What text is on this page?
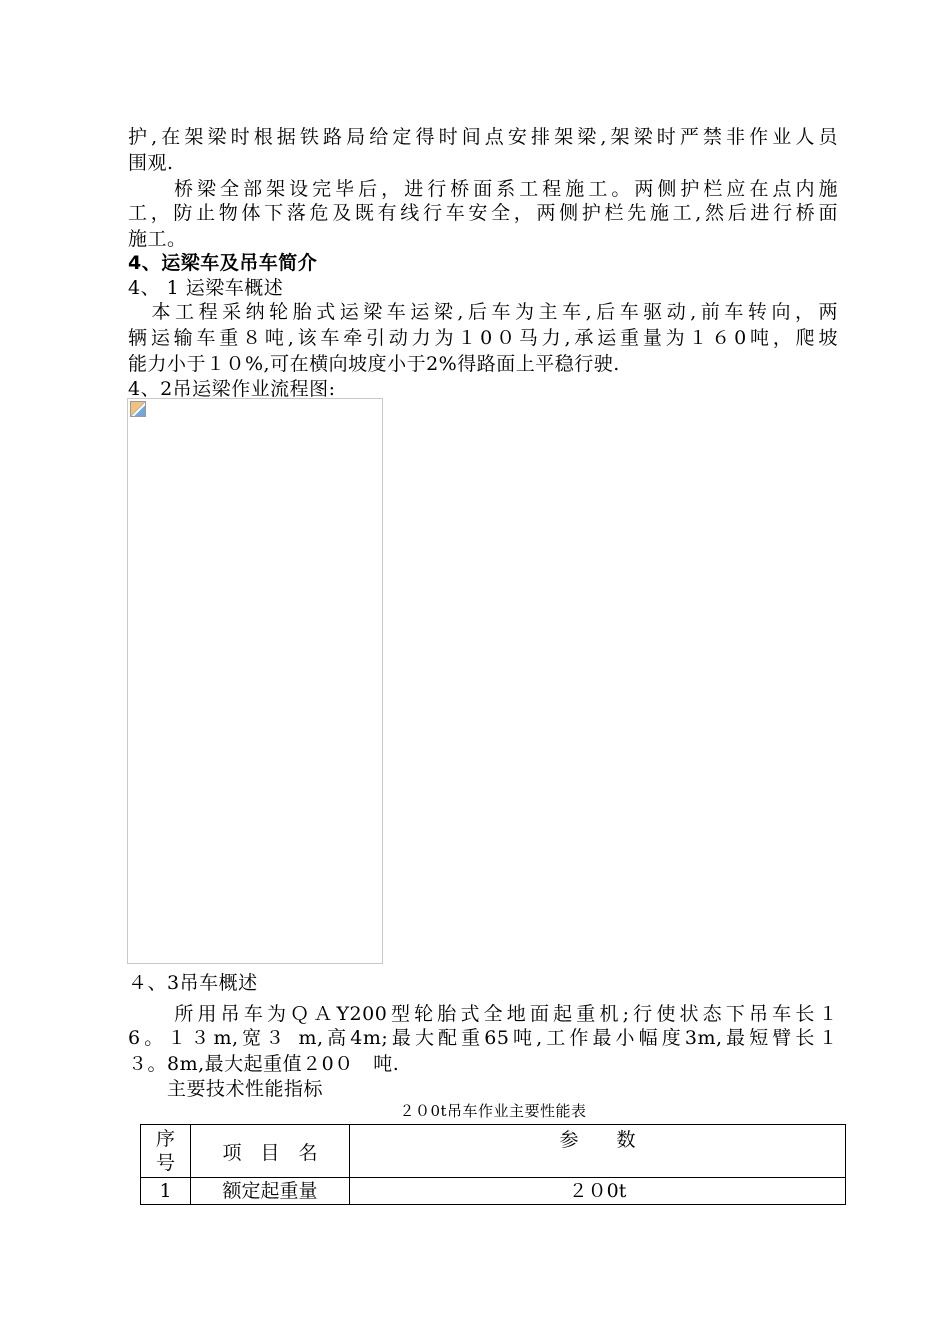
护,在架梁时根据铁路局给定得时间点安排架梁,架梁时严禁非作业人员
围观.
　　桥梁全部架设完毕后，进行桥面系工程施工。两侧护栏应在点内施
工，防止物体下落危及既有线行车安全，两侧护栏先施工,然后进行桥面
施工。
4、运梁车及吊车简介
4、 1 运梁车概述
　本工程采纳轮胎式运梁车运梁,后车为主车,后车驱动,前车转向，两
辆运输车重８吨,该车牵引动力为１0０马力,承运重量为１６0吨，爬坡
能力小于１０%,可在横向坡度小于2%得路面上平稳行驶.
4、2吊运梁作业流程图:
４、3吊车概述
　　所用吊车为ＱＡY200型轮胎式全地面起重机;行使状态下吊车长１
6。１３m,宽３ m,高4m;最大配重65吨,工作最小幅度3m,最短臂长１
３。8m,最大起重值２0０　吨.
　　主要技术性能指标
２０0t吊车作业主要性能表
序
号	项　目　名	参　　数
1	额定起重量	２０0t
